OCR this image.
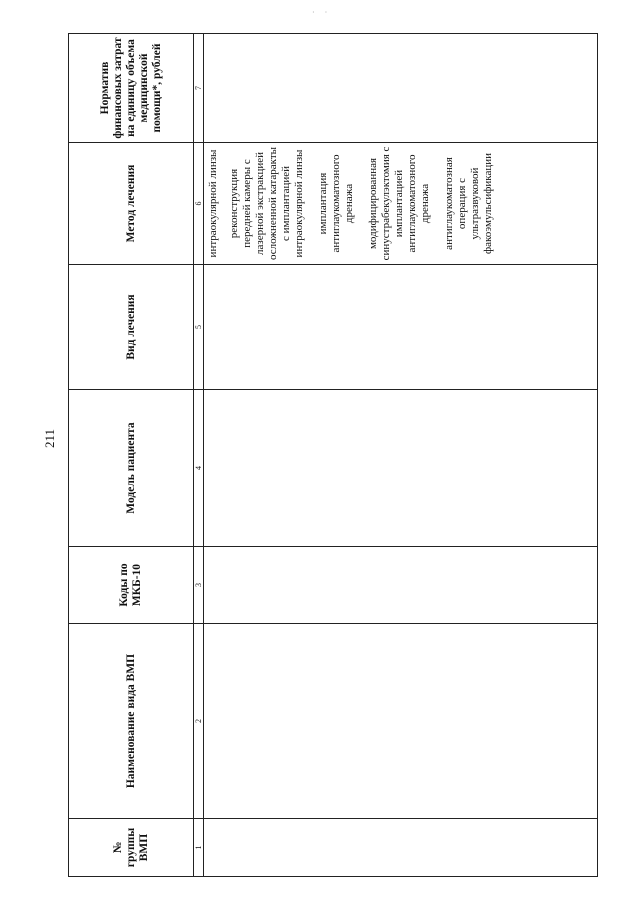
· ·
211
№ группы ВМП	Наименование вида ВМП	Коды по МКБ-10	Модель пациента	Вид лечения	Метод лечения	Норматив финансовых затрат на единицу объема медицинской помощи*, рублей
1	2	3	4	5	6	7

					интраокулярной линзы реконструкция передней камеры с лазерной экстракцией осложненной катаракты с имплантацией интраокулярной линзы имплантация антиглаукоматозного дренажа модифицированная синустрабекулэктомия с имплантацией антиглаукоматозного дренажа антиглаукоматозная операция с ультразвуковой факоэмульсификации	
